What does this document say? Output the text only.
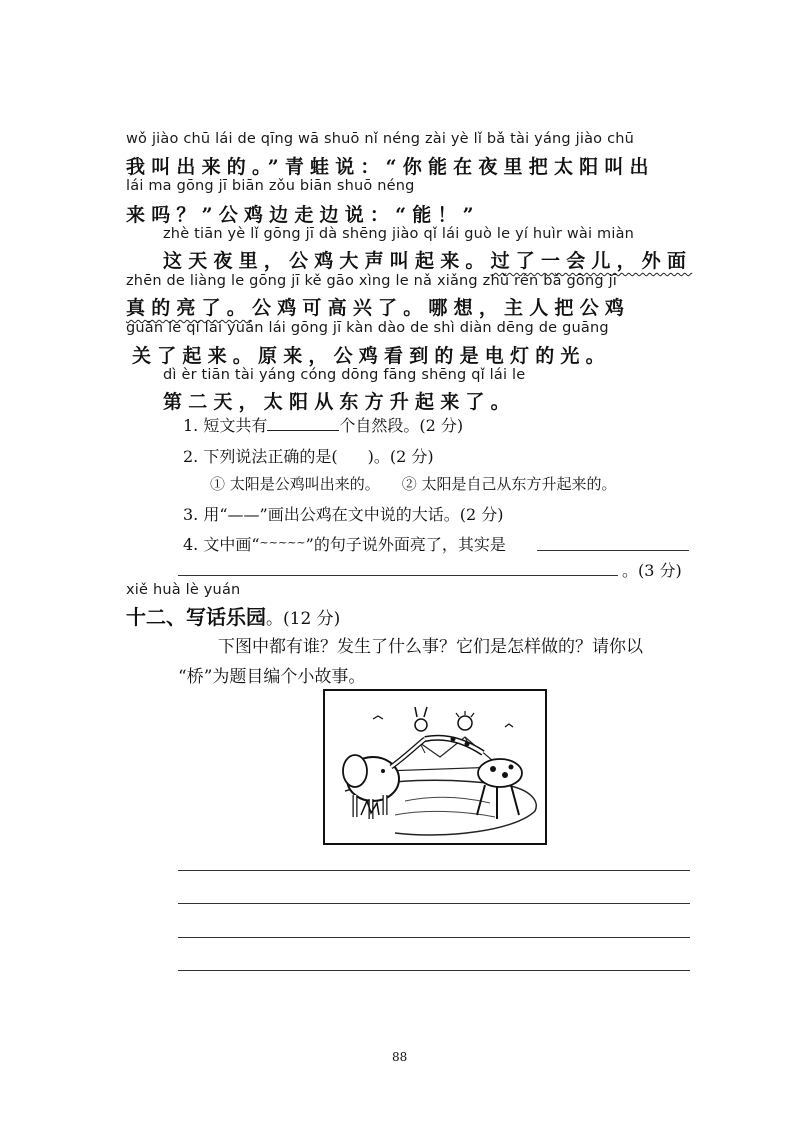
wǒ jiào chū lái de qīng wā shuō nǐ néng zài yè lǐ bǎ tài yáng jiào chū
我叫出来的。”青蛙说：“你能在夜里把太阳叫出
lái ma gōng jī biān zǒu biān shuō néng
来吗？”公鸡边走边说：“能！”
zhè tiān yè lǐ gōng jī dà shēng jiào qǐ lái guò le yí huìr wài miàn
这天夜里，公鸡大声叫起来。过了一会儿，外面
zhēn de liàng le gōng jī kě gāo xìng le nǎ xiǎng zhǔ rén bǎ gōng jī
真的亮了。公鸡可高兴了。哪想，主人把公鸡
guān le qǐ lái yuán lái gōng jī kàn dào de shì diàn dēng de guāng
关了起来。原来，公鸡看到的是电灯的光。
dì èr tiān tài yáng cóng dōng fāng shēng qǐ lái le
第二天，太阳从东方升起来了。
1. 短文共有	个自然段。(2 分)
2. 下列说法正确的是( )。(2 分)
① 太阳是公鸡叫出来的。 ② 太阳是自己从东方升起来的。
3. 用“——”画出公鸡在文中说的大话。(2 分)
4. 文中画“~~~~~”的句子说外面亮了，其实是
。(3 分)
xiě huà lè yuán
十二、写话乐园。(12 分)
下图中都有谁？发生了什么事？它们是怎样做的？请你以
“桥”为题目编个小故事。
88
